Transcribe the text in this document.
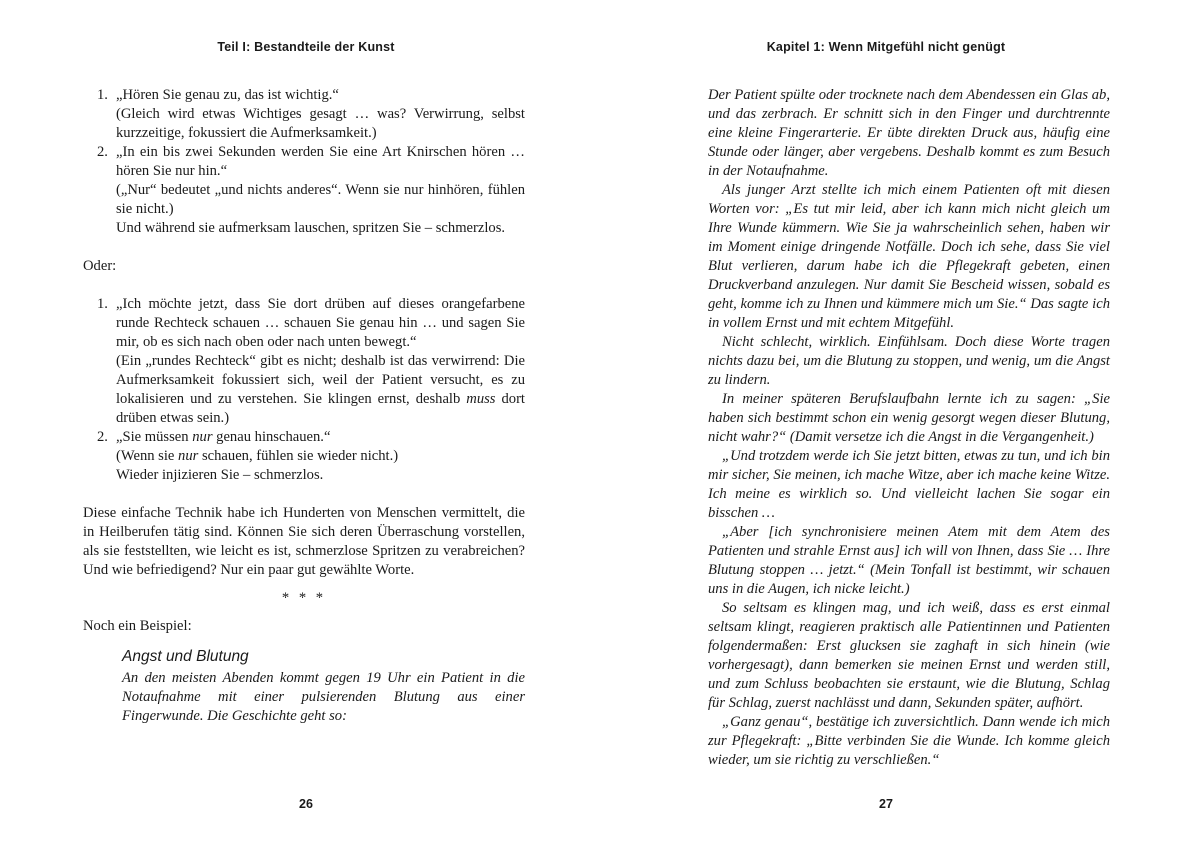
Teil I: Bestandteile der Kunst
1. „Hören Sie genau zu, das ist wichtig.“
(Gleich wird etwas Wichtiges gesagt … was? Verwirrung, selbst kurzzeitige, fokussiert die Aufmerksamkeit.)
2. „In ein bis zwei Sekunden werden Sie eine Art Knirschen hören … hören Sie nur hin.“
(„Nur“ bedeutet „und nichts anderes“. Wenn sie nur hinhören, fühlen sie nicht.)
Und während sie aufmerksam lauschen, spritzen Sie – schmerzlos.
Oder:
1. „Ich möchte jetzt, dass Sie dort drüben auf dieses orangefarbene runde Rechteck schauen … schauen Sie genau hin … und sagen Sie mir, ob es sich nach oben oder nach unten bewegt.“
(Ein „rundes Rechteck“ gibt es nicht; deshalb ist das verwirrend: Die Aufmerksamkeit fokussiert sich, weil der Patient versucht, es zu lokalisieren und zu verstehen. Sie klingen ernst, deshalb muss dort drüben etwas sein.)
2. „Sie müssen nur genau hinschauen.“
(Wenn sie nur schauen, fühlen sie wieder nicht.)
Wieder injizieren Sie – schmerzlos.
Diese einfache Technik habe ich Hunderten von Menschen vermittelt, die in Heilberufen tätig sind. Können Sie sich deren Überraschung vorstellen, als sie feststellten, wie leicht es ist, schmerzlose Spritzen zu verabreichen? Und wie befriedigend? Nur ein paar gut gewählte Worte.
* * *
Noch ein Beispiel:
Angst und Blutung
An den meisten Abenden kommt gegen 19 Uhr ein Patient in die Notaufnahme mit einer pulsierenden Blutung aus einer Fingerwunde. Die Geschichte geht so:
26
Kapitel 1: Wenn Mitgefühl nicht genügt

Der Patient spülte oder trocknete nach dem Abendessen ein Glas ab, und das zerbrach. Er schnitt sich in den Finger und durchtrennte eine kleine Fingerarterie. Er übte direkten Druck aus, häufig eine Stunde oder länger, aber vergebens. Deshalb kommt es zum Besuch in der Notaufnahme.

Als junger Arzt stellte ich mich einem Patienten oft mit diesen Worten vor: „Es tut mir leid, aber ich kann mich nicht gleich um Ihre Wunde kümmern. Wie Sie ja wahrscheinlich sehen, haben wir im Moment einige dringende Notfälle. Doch ich sehe, dass Sie viel Blut verlieren, darum habe ich die Pflegekraft gebeten, einen Druckverband anzulegen. Nur damit Sie Bescheid wissen, sobald es geht, komme ich zu Ihnen und kümmere mich um Sie.“ Das sagte ich in vollem Ernst und mit echtem Mitgefühl.

Nicht schlecht, wirklich. Einfühlsam. Doch diese Worte tragen nichts dazu bei, um die Blutung zu stoppen, und wenig, um die Angst zu lindern.

In meiner späteren Berufslaufbahn lernte ich zu sagen: „Sie haben sich bestimmt schon ein wenig gesorgt wegen dieser Blutung, nicht wahr?“ (Damit versetze ich die Angst in die Vergangenheit.)

„Und trotzdem werde ich Sie jetzt bitten, etwas zu tun, und ich bin mir sicher, Sie meinen, ich mache Witze, aber ich mache keine Witze. Ich meine es wirklich so. Und vielleicht lachen Sie sogar ein bisschen …

„Aber [ich synchronisiere meinen Atem mit dem Atem des Patienten und strahle Ernst aus] ich will von Ihnen, dass Sie … Ihre Blutung stoppen … jetzt.“ (Mein Tonfall ist bestimmt, wir schauen uns in die Augen, ich nicke leicht.)

So seltsam es klingen mag, und ich weiß, dass es erst einmal seltsam klingt, reagieren praktisch alle Patientinnen und Patienten folgendermaßen: Erst glucksen sie zaghaft in sich hinein (wie vorhergesagt), dann bemerken sie meinen Ernst und werden still, und zum Schluss beobachten sie erstaunt, wie die Blutung, Schlag für Schlag, zuerst nachlässt und dann, Sekunden später, aufhört.

„Ganz genau“, bestätige ich zuversichtlich. Dann wende ich mich zur Pflegekraft: „Bitte verbinden Sie die Wunde. Ich komme gleich wieder, um sie richtig zu verschließen.“

27
